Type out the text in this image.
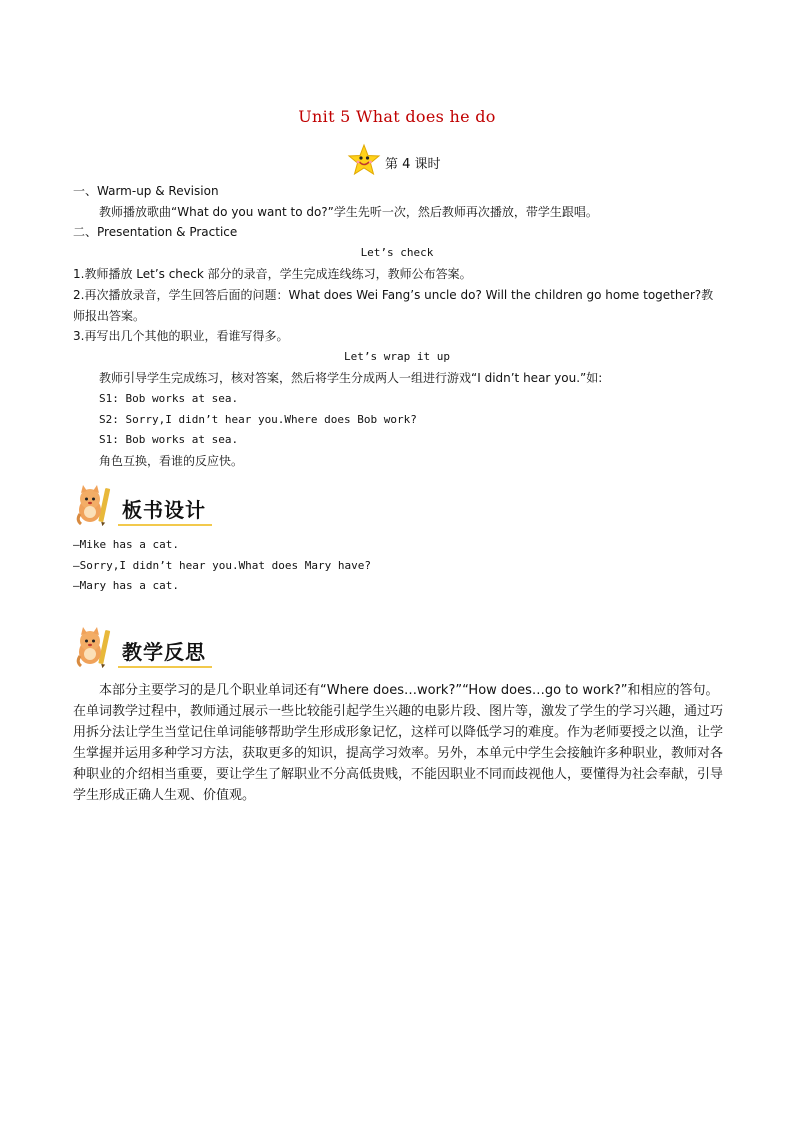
Unit 5 What does he do
第 4 课时
一、Warm-up & Revision
教师播放歌曲“What do you want to do?”学生先听一次，然后教师再次播放，带学生跟唱。
二、Presentation & Practice
Let’s check
1.教师播放 Let’s check 部分的录音，学生完成连线练习，教师公布答案。
2.再次播放录音，学生回答后面的问题：What does Wei Fang’s uncle do? Will the children go home together?教师报出答案。
3.再写出几个其他的职业，看谁写得多。
Let’s wrap it up
教师引导学生完成练习，核对答案，然后将学生分成两人一组进行游戏“I didn’t hear you.”如:
S1: Bob works at sea.
S2: Sorry,I didn’t hear you.Where does Bob work?
S1: Bob works at sea.
角色互换，看谁的反应快。
板书设计
—Mike has a cat.
—Sorry,I didn’t hear you.What does Mary have?
—Mary has a cat.
教学反思
本部分主要学习的是几个职业单词还有“Where does…work?”“How does…go to work?”和相应的答句。在单词教学过程中，教师通过展示一些比较能引起学生兴趣的电影片段、图片等，激发了学生的学习兴趣，通过巧用拆分法让学生当堂记住单词能够帮助学生形成形象记忆，这样可以降低学习的难度。作为老师要授之以渔，让学生掌握并运用多种学习方法，获取更多的知识，提高学习效率。另外，本单元中学生会接触许多种职业，教师对各种职业的介绍相当重要，要让学生了解职业不分高低贵贱，不能因职业不同而歧视他人，要懂得为社会奉献，引导学生形成正确人生观、价值观。
